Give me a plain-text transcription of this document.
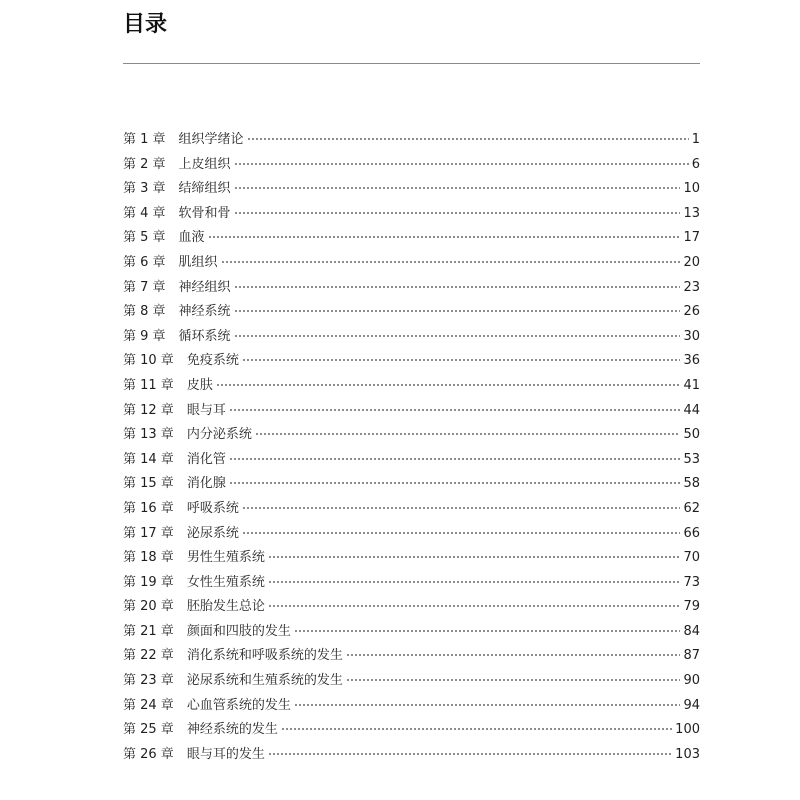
目录
第 1 章 组织学绪论	1
第 2 章 上皮组织	6
第 3 章 结缔组织	10
第 4 章 软骨和骨	13
第 5 章 血液	17
第 6 章 肌组织	20
第 7 章 神经组织	23
第 8 章 神经系统	26
第 9 章 循环系统	30
第 10 章 免疫系统	36
第 11 章 皮肤	41
第 12 章 眼与耳	44
第 13 章 内分泌系统	50
第 14 章 消化管	53
第 15 章 消化腺	58
第 16 章 呼吸系统	62
第 17 章 泌尿系统	66
第 18 章 男性生殖系统	70
第 19 章 女性生殖系统	73
第 20 章 胚胎发生总论	79
第 21 章 颜面和四肢的发生	84
第 22 章 消化系统和呼吸系统的发生	87
第 23 章 泌尿系统和生殖系统的发生	90
第 24 章 心血管系统的发生	94
第 25 章 神经系统的发生	100
第 26 章 眼与耳的发生	103
